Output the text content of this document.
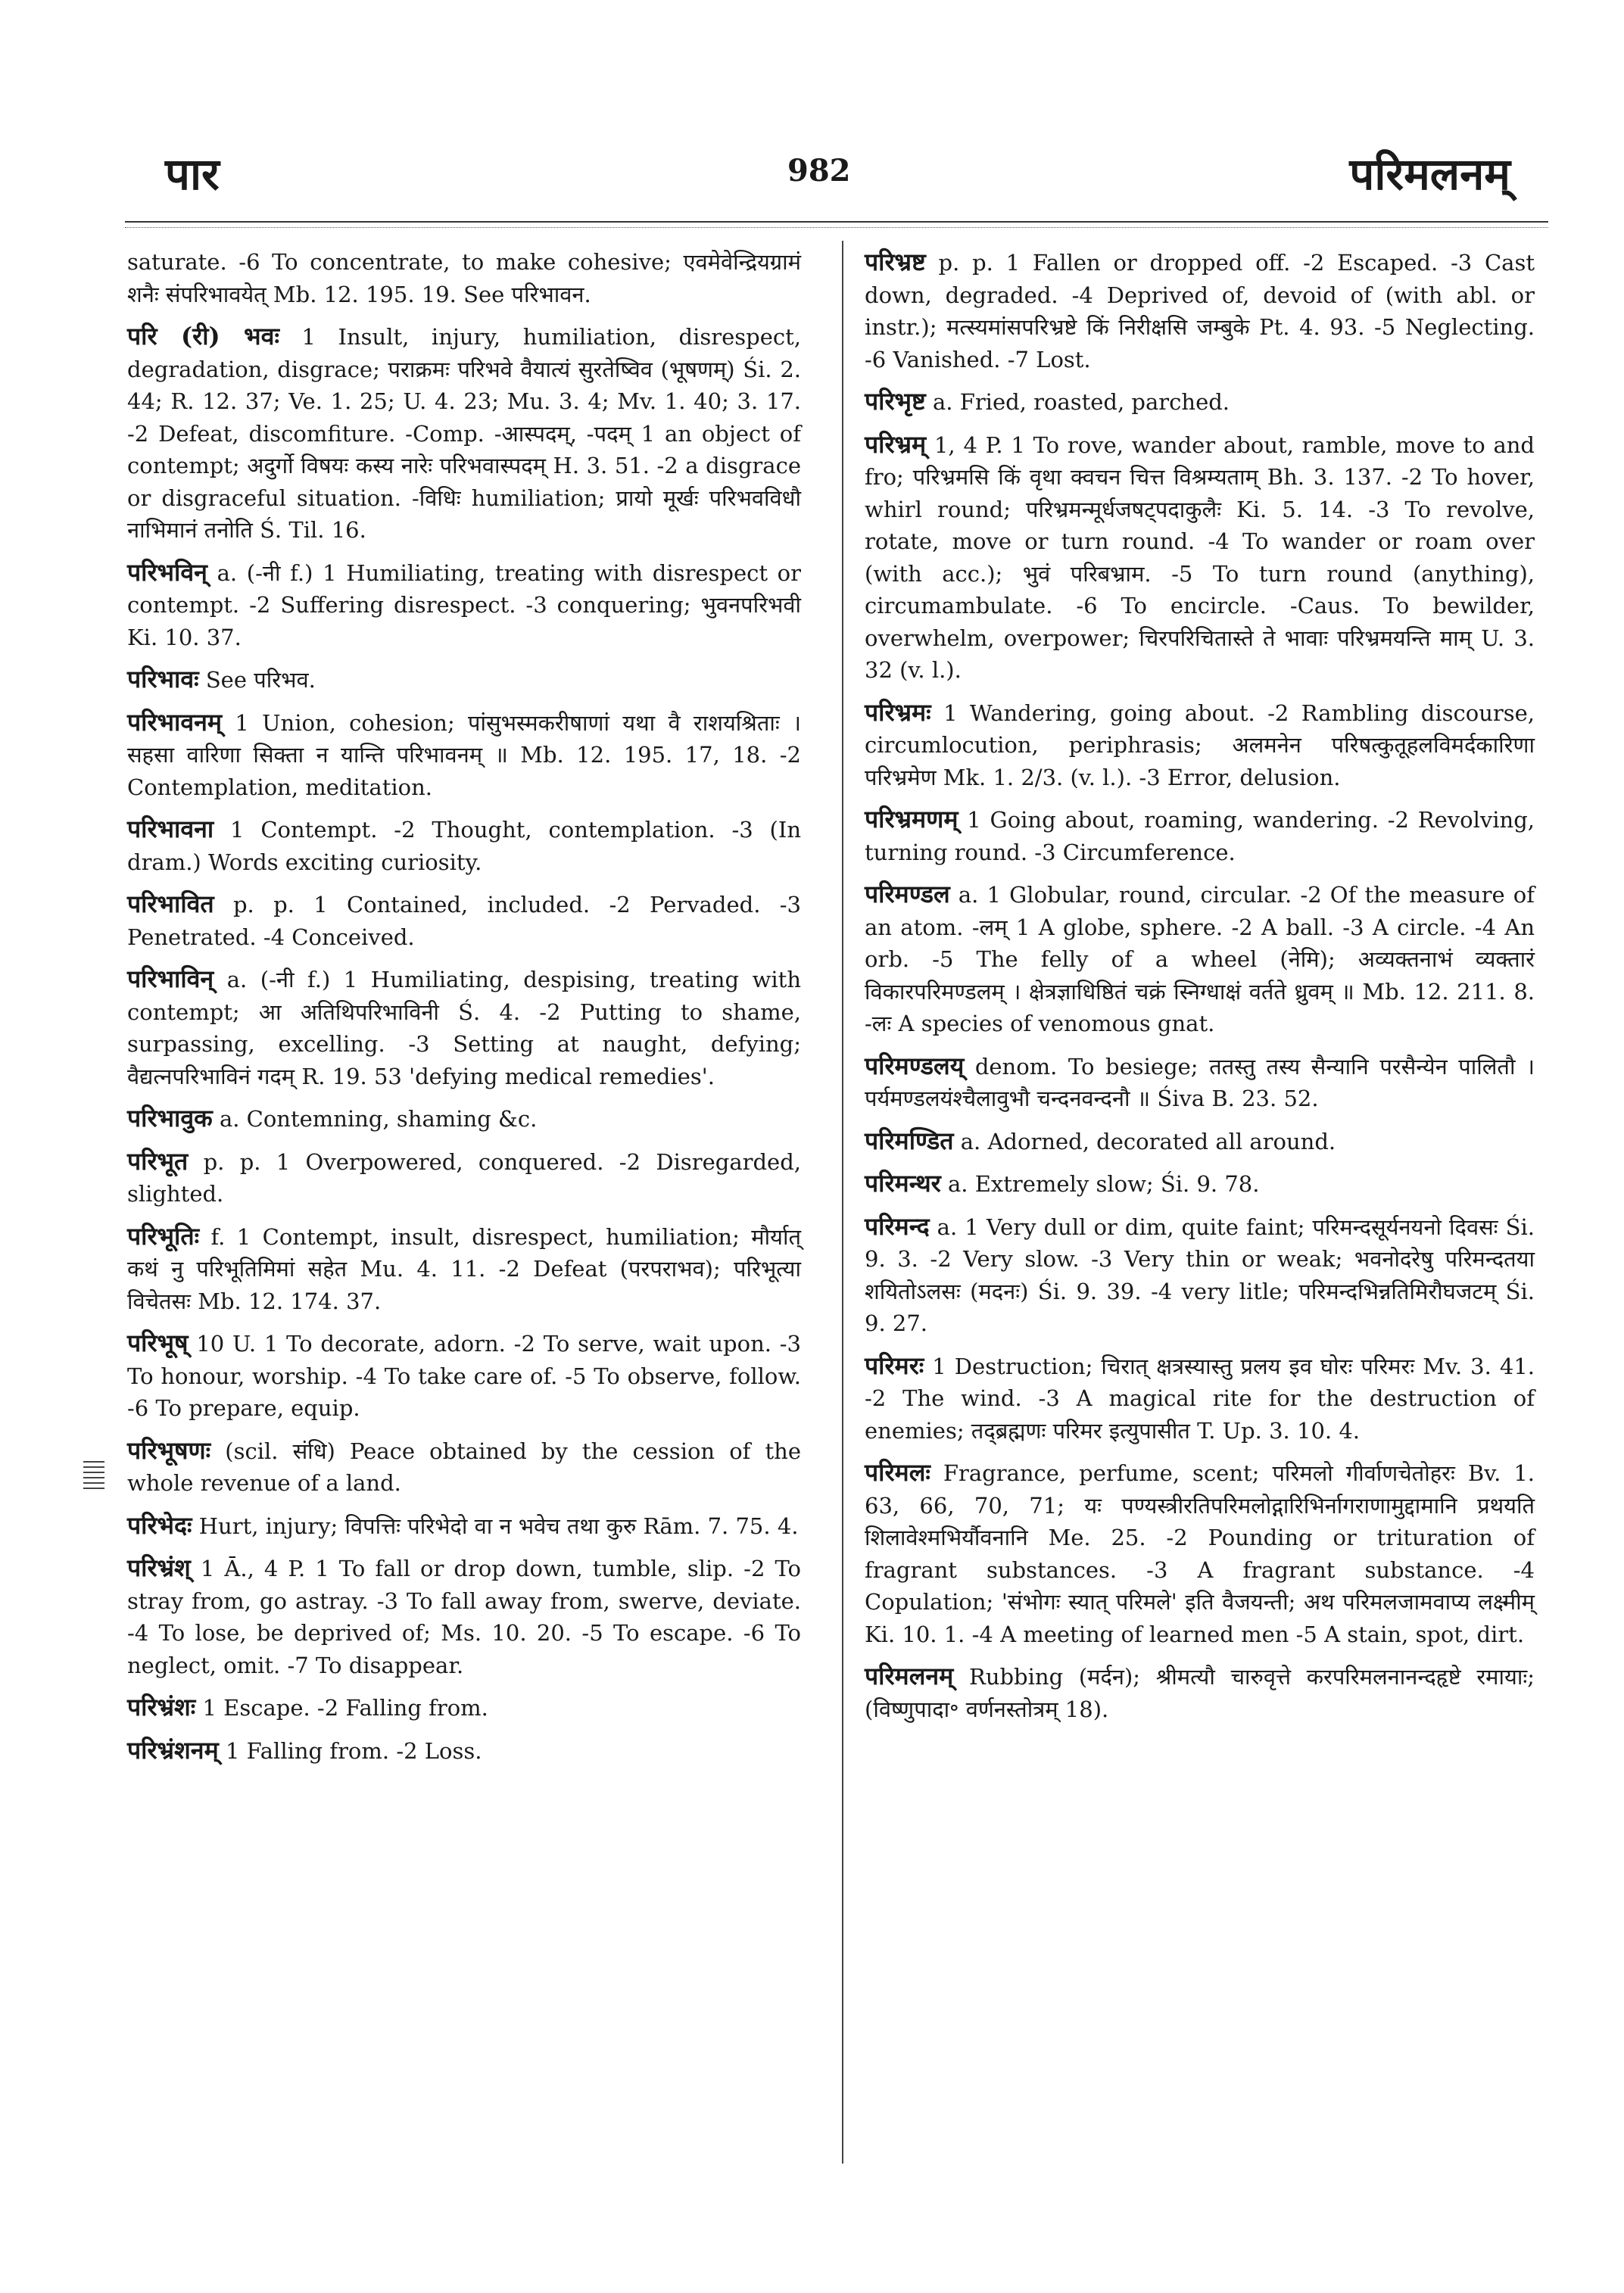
पार	982	परिमलनम्
saturate. -6 To concentrate, to make cohesive; एवमेवेन्द्रियग्रामं शनैः संपरिभावयेत् Mb. 12. 195. 19. See परिभावन.
परि (री) भवः 1 Insult, injury, humiliation, disrespect, degradation, disgrace; पराक्रमः परिभवे वैयात्यं सुरतेष्विव (भूषणम्) Śi. 2. 44; R. 12. 37; Ve. 1. 25; U. 4. 23; Mu. 3. 4; Mv. 1. 40; 3. 17. -2 Defeat, discomfiture. -Comp. -आस्पदम्, -पदम् 1 an object of contempt; अदुर्गो विषयः कस्य नारेः परिभवास्पदम् H. 3. 51. -2 a disgrace or disgraceful situation. -विधिः humiliation; प्रायो मूर्खः परिभवविधौ नाभिमानं तनोति Ś. Til. 16.
परिभविन् a. (-नी f.) 1 Humiliating, treating with disrespect or contempt. -2 Suffering disrespect. -3 conquering; भुवनपरिभवी Ki. 10. 37.
परिभावः See परिभव.
परिभावनम् 1 Union, cohesion; पांसुभस्मकरीषाणां यथा वै राशयश्रिताः । सहसा वारिणा सिक्ता न यान्ति परिभावनम् ॥ Mb. 12. 195. 17, 18. -2 Contemplation, meditation.
परिभावना 1 Contempt. -2 Thought, contemplation. -3 (In dram.) Words exciting curiosity.
परिभावित p. p. 1 Contained, included. -2 Pervaded. -3 Penetrated. -4 Conceived.
परिभाविन् a. (-नी f.) 1 Humiliating, despising, treating with contempt; आ अतिथिपरिभाविनी Ś. 4. -2 Putting to shame, surpassing, excelling. -3 Setting at naught, defying; वैद्यत्नपरिभाविनं गदम् R. 19. 53 'defying medical remedies'.
परिभावुक a. Contemning, shaming &c.
परिभूत p. p. 1 Overpowered, conquered. -2 Disregarded, slighted.
परिभूतिः f. 1 Contempt, insult, disrespect, humiliation; मौर्यात् कथं नु परिभूतिमिमां सहेत Mu. 4. 11. -2 Defeat (परपराभव); परिभूत्या विचेतसः Mb. 12. 174. 37.
परिभूष् 10 U. 1 To decorate, adorn. -2 To serve, wait upon. -3 To honour, worship. -4 To take care of. -5 To observe, follow. -6 To prepare, equip.
परिभूषणः (scil. संधि) Peace obtained by the cession of the whole revenue of a land.
परिभेदः Hurt, injury; विपत्तिः परिभेदो वा न भवेच तथा कुरु Rām. 7. 75. 4.
परिभ्रंश् 1 Ā., 4 P. 1 To fall or drop down, tumble, slip. -2 To stray from, go astray. -3 To fall away from, swerve, deviate. -4 To lose, be deprived of; Ms. 10. 20. -5 To escape. -6 To neglect, omit. -7 To disappear.
परिभ्रंशः 1 Escape. -2 Falling from.
परिभ्रंशनम् 1 Falling from. -2 Loss.
परिभ्रष्ट p. p. 1 Fallen or dropped off. -2 Escaped. -3 Cast down, degraded. -4 Deprived of, devoid of (with abl. or instr.); मत्स्यमांसपरिभ्रष्टे किं निरीक्षसि जम्बुके Pt. 4. 93. -5 Neglecting. -6 Vanished. -7 Lost.
परिभृष्ट a. Fried, roasted, parched.
परिभ्रम् 1, 4 P. 1 To rove, wander about, ramble, move to and fro; परिभ्रमसि किं वृथा क्वचन चित्त विश्रम्यताम् Bh. 3. 137. -2 To hover, whirl round; परिभ्रमन्मूर्धजषट्पदाकुलैः Ki. 5. 14. -3 To revolve, rotate, move or turn round. -4 To wander or roam over (with acc.); भुवं परिबभ्राम. -5 To turn round (anything), circumambulate. -6 To encircle. -Caus. To bewilder, overwhelm, overpower; चिरपरिचितास्ते ते भावाः परिभ्रमयन्ति माम् U. 3. 32 (v. l.).
परिभ्रमः 1 Wandering, going about. -2 Rambling discourse, circumlocution, periphrasis; अलमनेन परिषत्कुतूहलविमर्दकारिणा परिभ्रमेण Mk. 1. 2/3. (v. l.). -3 Error, delusion.
परिभ्रमणम् 1 Going about, roaming, wandering. -2 Revolving, turning round. -3 Circumference.
परिमण्डल a. 1 Globular, round, circular. -2 Of the measure of an atom. -लम् 1 A globe, sphere. -2 A ball. -3 A circle. -4 An orb. -5 The felly of a wheel (नेमि); अव्यक्तनाभं व्यक्तारं विकारपरिमण्डलम् । क्षेत्रज्ञाधिष्ठितं चक्रं स्निग्धाक्षं वर्तते ध्रुवम् ॥ Mb. 12. 211. 8. -लः A species of venomous gnat.
परिमण्डलय् denom. To besiege; ततस्तु तस्य सैन्यानि परसैन्येन पालितौ । पर्यमण्डलयंश्चैलावुभौ चन्दनवन्दनौ ॥ Śiva B. 23. 52.
परिमण्डित a. Adorned, decorated all around.
परिमन्थर a. Extremely slow; Śi. 9. 78.
परिमन्द a. 1 Very dull or dim, quite faint; परिमन्दसूर्यनयनो दिवसः Śi. 9. 3. -2 Very slow. -3 Very thin or weak; भवनोदरेषु परिमन्दतया शयितोऽलसः (मदनः) Śi. 9. 39. -4 very litle; परिमन्दभिन्नतिमिरौघजटम् Śi. 9. 27.
परिमरः 1 Destruction; चिरात् क्षत्रस्यास्तु प्रलय इव घोरः परिमरः Mv. 3. 41. -2 The wind. -3 A magical rite for the destruction of enemies; तद्ब्रह्मणः परिमर इत्युपासीत T. Up. 3. 10. 4.
परिमलः Fragrance, perfume, scent; परिमलो गीर्वाणचेतोहरः Bv. 1. 63, 66, 70, 71; यः पण्यस्त्रीरतिपरिमलोद्गारिभिर्नागराणामुद्दामानि प्रथयति शिलावेश्मभिर्यौवनानि Me. 25. -2 Pounding or trituration of fragrant substances. -3 A fragrant substance. -4 Copulation; 'संभोगः स्यात् परिमले' इति वैजयन्ती; अथ परिमलजामवाप्य लक्ष्मीम् Ki. 10. 1. -4 A meeting of learned men -5 A stain, spot, dirt.
परिमलनम् Rubbing (मर्दन); श्रीमत्यौ चारुवृत्ते करपरिमलनानन्दहृष्टे रमायाः; (विष्णुपादा॰ वर्णनस्तोत्रम् 18).
